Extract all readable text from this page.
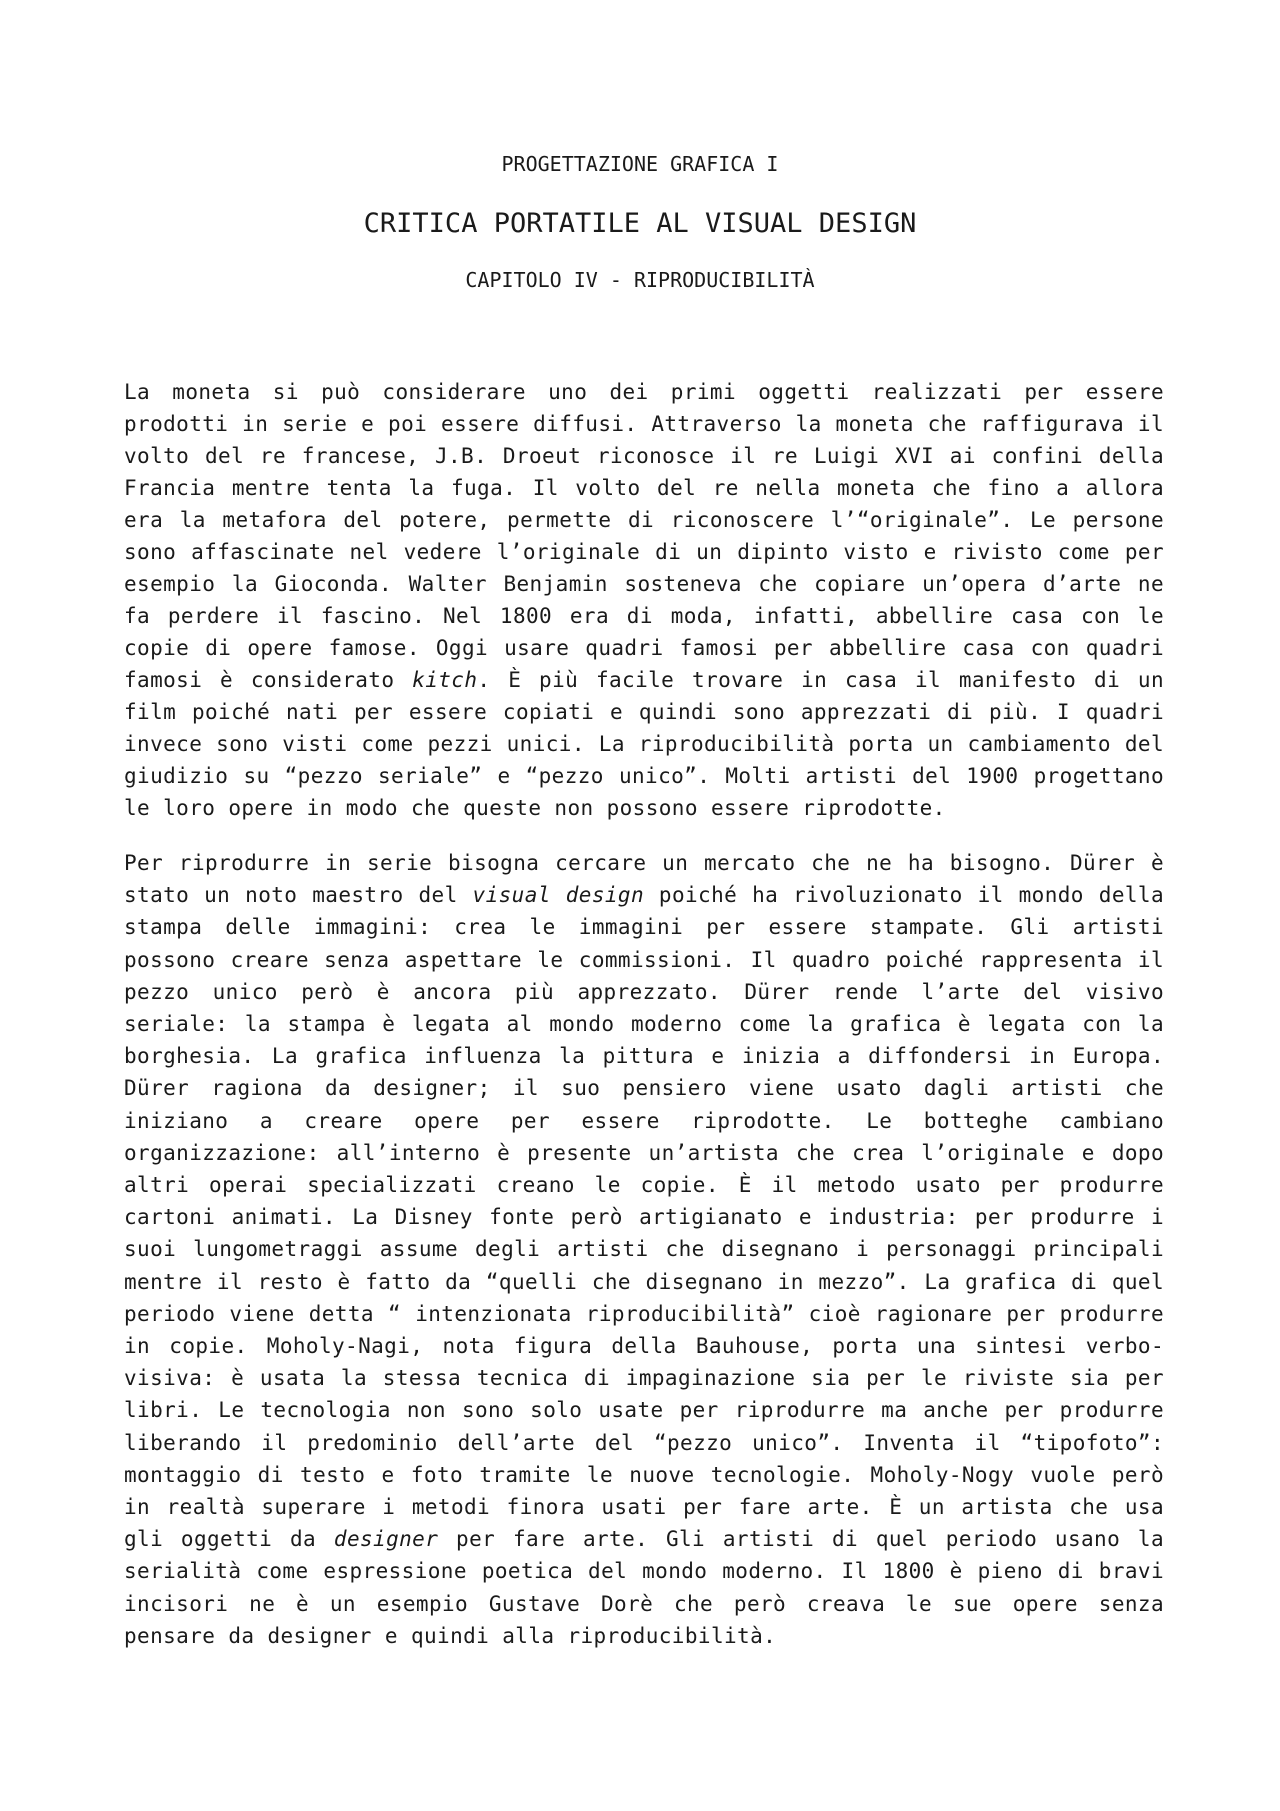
PROGETTAZIONE GRAFICA I
CRITICA PORTATILE AL VISUAL DESIGN
CAPITOLO IV - RIPRODUCIBILITÀ

La moneta si può considerare uno dei primi oggetti realizzati per essere prodotti in serie e poi essere diffusi. Attraverso la moneta che raffigurava il volto del re francese, J.B. Droeut riconosce il re Luigi XVI ai confini della Francia mentre tenta la fuga. Il volto del re nella moneta che fino a allora era la metafora del potere, permette di riconoscere l’“originale”. Le persone sono affascinate nel vedere l’originale di un dipinto visto e rivisto come per esempio la Gioconda. Walter Benjamin sosteneva che copiare un’opera d’arte ne fa perdere il fascino. Nel 1800 era di moda, infatti, abbellire casa con le copie di opere famose. Oggi usare quadri famosi per abbellire casa con quadri famosi è considerato kitch. È più facile trovare in casa il manifesto di un film poiché nati per essere copiati e quindi sono apprezzati di più. I quadri invece sono visti come pezzi unici. La riproducibilità porta un cambiamento del giudizio su “pezzo seriale” e “pezzo unico”. Molti artisti del 1900 progettano le loro opere in modo che queste non possono essere riprodotte.

Per riprodurre in serie bisogna cercare un mercato che ne ha bisogno. Dürer è stato un noto maestro del visual design poiché ha rivoluzionato il mondo della stampa delle immagini: crea le immagini per essere stampate. Gli artisti possono creare senza aspettare le commissioni. Il quadro poiché rappresenta il pezzo unico però è ancora più apprezzato. Dürer rende l’arte del visivo seriale: la stampa è legata al mondo moderno come la grafica è legata con la borghesia. La grafica influenza la pittura e inizia a diffondersi in Europa. Dürer ragiona da designer; il suo pensiero viene usato dagli artisti che iniziano a creare opere per essere riprodotte. Le botteghe cambiano organizzazione: all’interno è presente un’artista che crea l’originale e dopo altri operai specializzati creano le copie. È il metodo usato per produrre cartoni animati. La Disney fonte però artigianato e industria: per produrre i suoi lungometraggi assume degli artisti che disegnano i personaggi principali mentre il resto è fatto da “quelli che disegnano in mezzo”. La grafica di quel periodo viene detta “ intenzionata riproducibilità” cioè ragionare per produrre in copie. Moholy-Nagi, nota figura della Bauhouse, porta una sintesi verbo-visiva: è usata la stessa tecnica di impaginazione sia per le riviste sia per libri. Le tecnologia non sono solo usate per riprodurre ma anche per produrre liberando il predominio dell’arte del “pezzo unico”. Inventa il “tipofoto”: montaggio di testo e foto tramite le nuove tecnologie. Moholy-Nogy vuole però in realtà superare i metodi finora usati per fare arte. È un artista che usa gli oggetti da designer per fare arte. Gli artisti di quel periodo usano la serialità come espressione poetica del mondo moderno. Il 1800 è pieno di bravi incisori ne è un esempio Gustave Dorè che però creava le sue opere senza pensare da designer e quindi alla riproducibilità.
